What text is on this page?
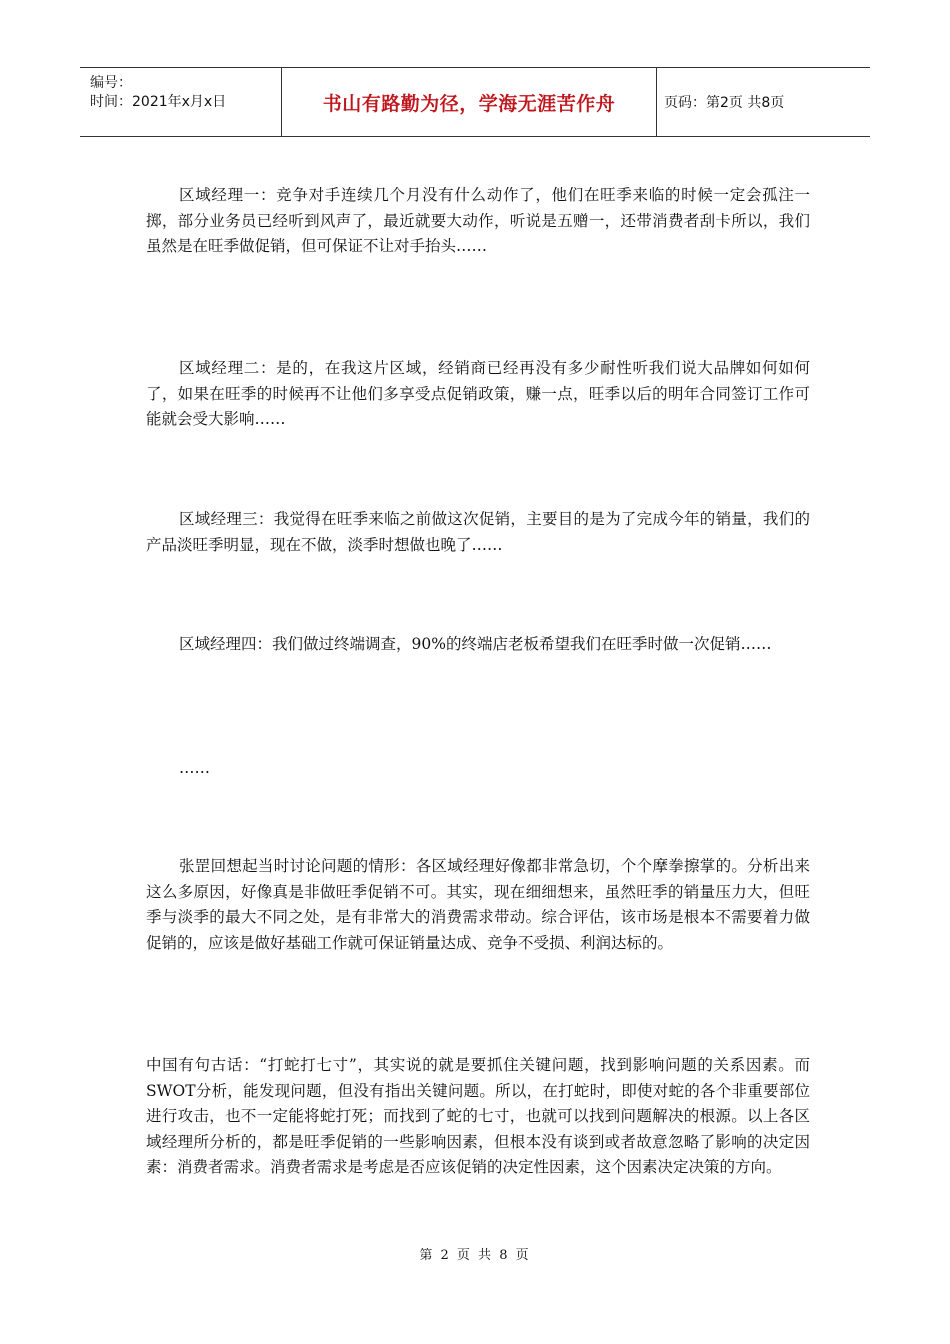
编号：
时间：2021年x月x日	书山有路勤为径，学海无涯苦作舟	页码：第2页 共8页

区域经理一：竞争对手连续几个月没有什么动作了，他们在旺季来临的时候一定会孤注一掷，部分业务员已经听到风声了，最近就要大动作，听说是五赠一，还带消费者刮卡所以，我们虽然是在旺季做促销，但可保证不让对手抬头……

区域经理二：是的，在我这片区域，经销商已经再没有多少耐性听我们说大品牌如何如何了，如果在旺季的时候再不让他们多享受点促销政策，赚一点，旺季以后的明年合同签订工作可能就会受大影响……

区域经理三：我觉得在旺季来临之前做这次促销，主要目的是为了完成今年的销量，我们的产品淡旺季明显，现在不做，淡季时想做也晚了……

区域经理四：我们做过终端调查，90%的终端店老板希望我们在旺季时做一次促销……

……

张罡回想起当时讨论问题的情形：各区域经理好像都非常急切，个个摩拳擦掌的。分析出来这么多原因，好像真是非做旺季促销不可。其实，现在细细想来，虽然旺季的销量压力大，但旺季与淡季的最大不同之处，是有非常大的消费需求带动。综合评估，该市场是根本不需要着力做促销的，应该是做好基础工作就可保证销量达成、竞争不受损、利润达标的。

中国有句古话：“打蛇打七寸”，其实说的就是要抓住关键问题，找到影响问题的关系因素。而SWOT分析，能发现问题，但没有指出关键问题。所以，在打蛇时，即使对蛇的各个非重要部位进行攻击，也不一定能将蛇打死；而找到了蛇的七寸，也就可以找到问题解决的根源。以上各区域经理所分析的，都是旺季促销的一些影响因素，但根本没有谈到或者故意忽略了影响的决定因素：消费者需求。消费者需求是考虑是否应该促销的决定性因素，这个因素决定决策的方向。

第 2 页 共 8 页
